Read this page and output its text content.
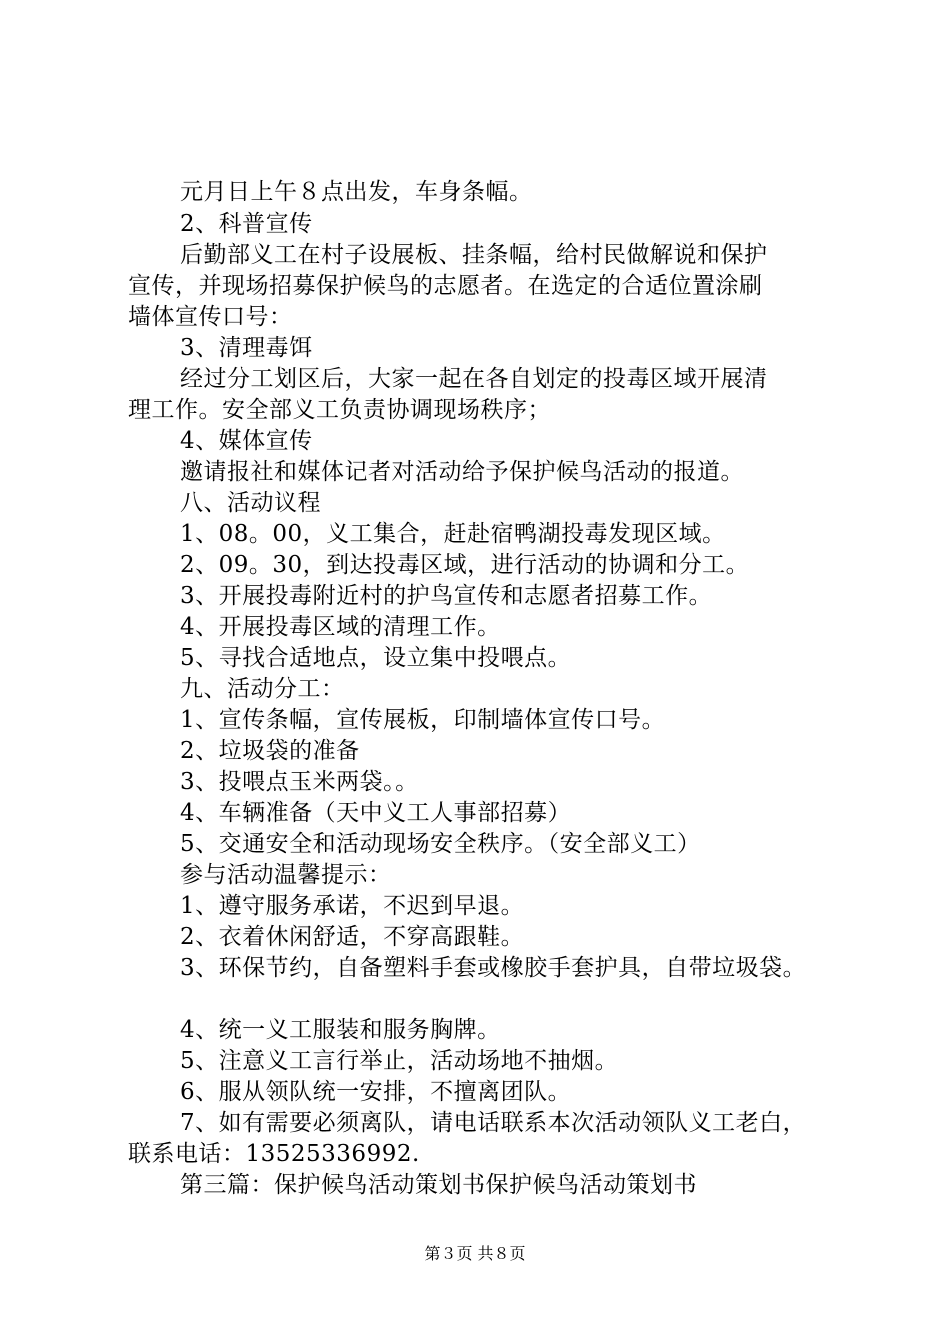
元月日上午８点出发，车身条幅。
2、科普宣传
后勤部义工在村子设展板、挂条幅，给村民做解说和保护
宣传，并现场招募保护候鸟的志愿者。在选定的合适位置涂刷
墙体宣传口号：
3、清理毒饵
经过分工划区后，大家一起在各自划定的投毒区域开展清
理工作。安全部义工负责协调现场秩序；
4、媒体宣传
邀请报社和媒体记者对活动给予保护候鸟活动的报道。
八、活动议程
1、08。00，义工集合，赶赴宿鸭湖投毒发现区域。
2、09。30，到达投毒区域，进行活动的协调和分工。
3、开展投毒附近村的护鸟宣传和志愿者招募工作。
4、开展投毒区域的清理工作。
5、寻找合适地点，设立集中投喂点。
九、活动分工：
1、宣传条幅，宣传展板，印制墙体宣传口号。
2、垃圾袋的准备
3、投喂点玉米两袋。。
4、车辆准备（天中义工人事部招募）
5、交通安全和活动现场安全秩序。（安全部义工）
参与活动温馨提示：
1、遵守服务承诺，不迟到早退。
2、衣着休闲舒适，不穿高跟鞋。
3、环保节约，自备塑料手套或橡胶手套护具，自带垃圾袋。
4、统一义工服装和服务胸牌。
5、注意义工言行举止，活动场地不抽烟。
6、服从领队统一安排，不擅离团队。
7、如有需要必须离队，请电话联系本次活动领队义工老白，
联系电话：13525336992.
第三篇：保护候鸟活动策划书保护候鸟活动策划书
第３页 共８页
